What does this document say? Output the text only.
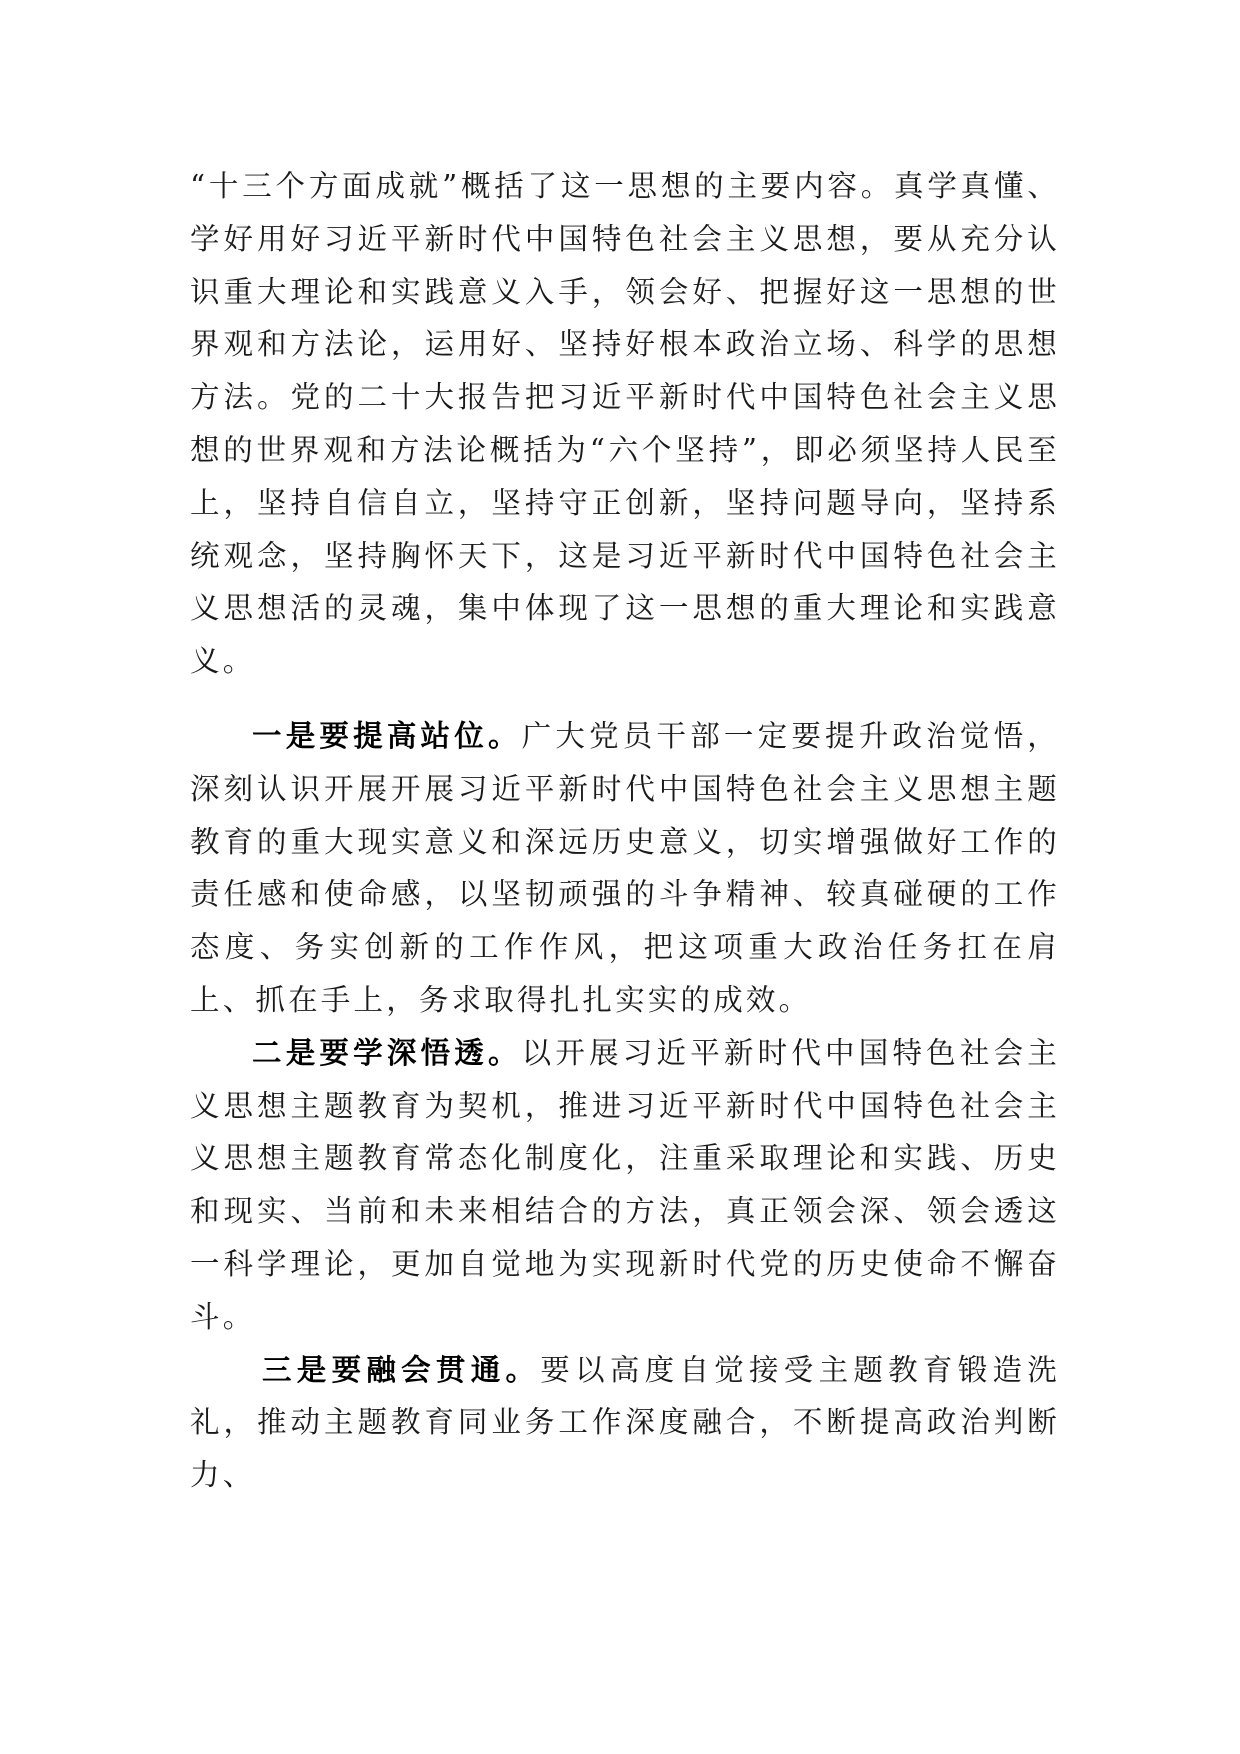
“十三个方面成就”概括了这一思想的主要内容。真学真懂、学好用好习近平新时代中国特色社会主义思想，要从充分认识重大理论和实践意义入手，领会好、把握好这一思想的世界观和方法论，运用好、坚持好根本政治立场、科学的思想方法。党的二十大报告把习近平新时代中国特色社会主义思想的世界观和方法论概括为“六个坚持”，即必须坚持人民至上，坚持自信自立，坚持守正创新，坚持问题导向，坚持系统观念，坚持胸怀天下，这是习近平新时代中国特色社会主义思想活的灵魂，集中体现了这一思想的重大理论和实践意义。

一是要提高站位。广大党员干部一定要提升政治觉悟，深刻认识开展开展习近平新时代中国特色社会主义思想主题教育的重大现实意义和深远历史意义，切实增强做好工作的责任感和使命感，以坚韧顽强的斗争精神、较真碰硬的工作态度、务实创新的工作作风，把这项重大政治任务扛在肩上、抓在手上，务求取得扎扎实实的成效。

二是要学深悟透。以开展习近平新时代中国特色社会主义思想主题教育为契机，推进习近平新时代中国特色社会主义思想主题教育常态化制度化，注重采取理论和实践、历史和现实、当前和未来相结合的方法，真正领会深、领会透这一科学理论，更加自觉地为实现新时代党的历史使命不懈奋斗。

三是要融会贯通。要以高度自觉接受主题教育锻造洗礼，推动主题教育同业务工作深度融合，不断提高政治判断力、
